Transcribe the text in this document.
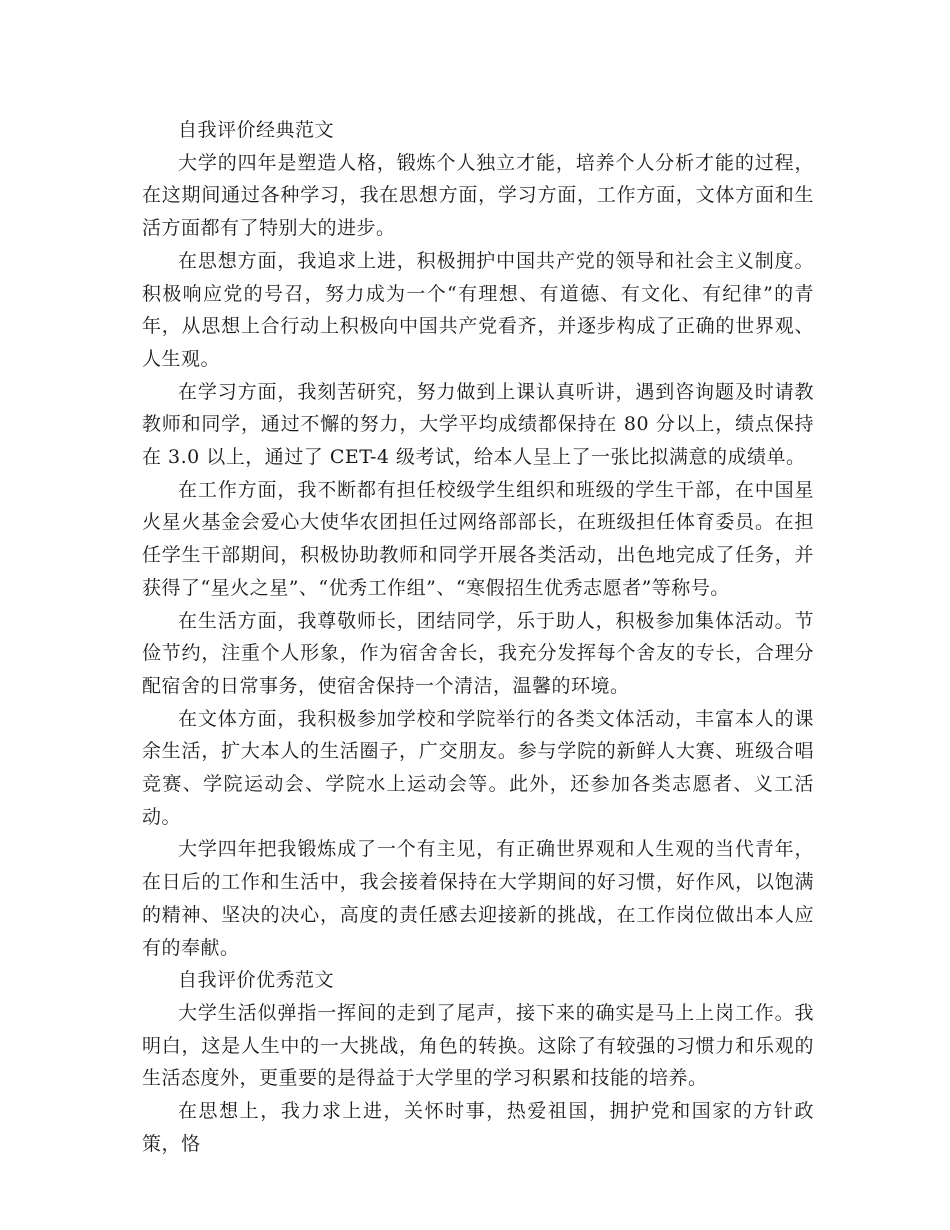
自我评价经典范文

大学的四年是塑造人格，锻炼个人独立才能，培养个人分析才能的过程，在这期间通过各种学习，我在思想方面，学习方面，工作方面，文体方面和生活方面都有了特别大的进步。

在思想方面，我追求上进，积极拥护中国共产党的领导和社会主义制度。积极响应党的号召，努力成为一个“有理想、有道德、有文化、有纪律”的青年，从思想上合行动上积极向中国共产党看齐，并逐步构成了正确的世界观、人生观。

在学习方面，我刻苦研究，努力做到上课认真听讲，遇到咨询题及时请教教师和同学，通过不懈的努力，大学平均成绩都保持在 80 分以上，绩点保持在 3.0 以上，通过了 CET-4 级考试，给本人呈上了一张比拟满意的成绩单。

在工作方面，我不断都有担任校级学生组织和班级的学生干部，在中国星火星火基金会爱心大使华农团担任过网络部部长，在班级担任体育委员。在担任学生干部期间，积极协助教师和同学开展各类活动，出色地完成了任务，并获得了“星火之星”、“优秀工作组”、“寒假招生优秀志愿者”等称号。

在生活方面，我尊敬师长，团结同学，乐于助人，积极参加集体活动。节俭节约，注重个人形象，作为宿舍舍长，我充分发挥每个舍友的专长，合理分配宿舍的日常事务，使宿舍保持一个清洁，温馨的环境。

在文体方面，我积极参加学校和学院举行的各类文体活动，丰富本人的课余生活，扩大本人的生活圈子，广交朋友。参与学院的新鲜人大赛、班级合唱竞赛、学院运动会、学院水上运动会等。此外，还参加各类志愿者、义工活动。

大学四年把我锻炼成了一个有主见，有正确世界观和人生观的当代青年，在日后的工作和生活中，我会接着保持在大学期间的好习惯，好作风，以饱满的精神、坚决的决心，高度的责任感去迎接新的挑战，在工作岗位做出本人应有的奉献。

自我评价优秀范文

大学生活似弹指一挥间的走到了尾声，接下来的确实是马上上岗工作。我明白，这是人生中的一大挑战，角色的转换。这除了有较强的习惯力和乐观的生活态度外，更重要的是得益于大学里的学习积累和技能的培养。

在思想上，我力求上进，关怀时事，热爱祖国，拥护党和国家的方针政策，恪
